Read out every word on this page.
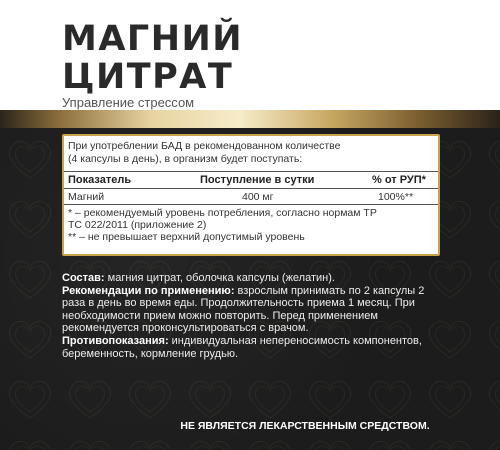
МАГНИЙ
ЦИТРАТ
Управление стрессом
При употреблении БАД в рекомендованном количестве
(4 капсулы в день), в организм будет поступать:
Показатель	Поступление в сутки	% от РУП*
Магний	400 мг	100%**
* – рекомендуемый уровень потребления, согласно нормам ТР
ТС 022/2011 (приложение 2)
** – не превышает верхний допустимый уровень

Состав: магния цитрат, оболочка капсулы (желатин).

Рекомендации по применению: взрослым принимать по 2 капсулы 2 раза в день во время еды. Продолжительность приема 1 месяц. При необходимости прием можно повторить. Перед применением рекомендуется проконсультироваться с врачом.

Противопоказания: индивидуальная непереносимость компонентов, беременность, кормление грудью.

НЕ ЯВЛЯЕТСЯ ЛЕКАРСТВЕННЫМ СРЕДСТВОМ.
